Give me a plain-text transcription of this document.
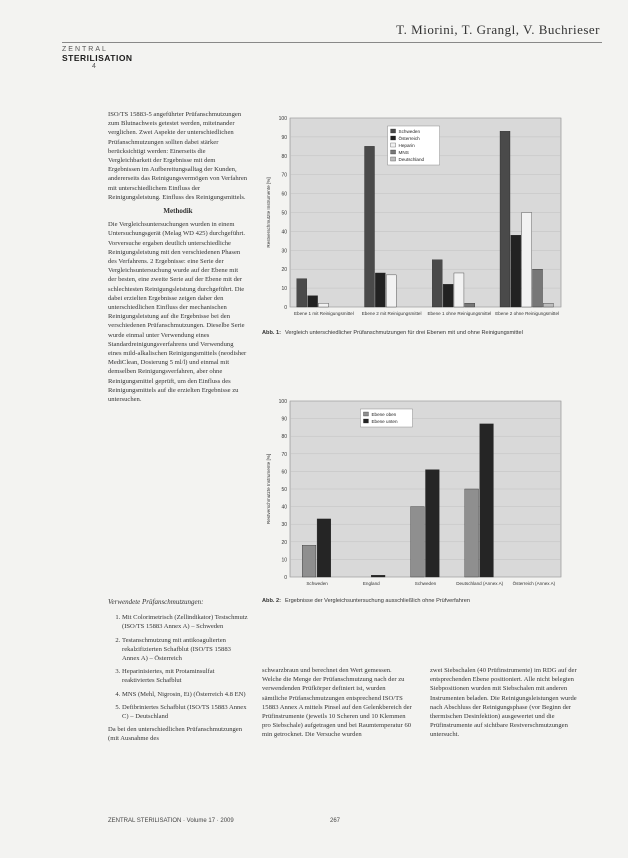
T. Miorini, T. Grangl, V. Buchrieser
ZENTRAL
STERILISATION
4

ISO/TS 15883-5 angeführter Prüfanschmutzungen zum Blutnachweis getestet werden, miteinander verglichen. Zwei Aspekte der unterschiedlichen Prüfanschmutzungen sollten dabei stärker berücksichtigt werden: Einerseits die Vergleichbarkeit der Ergebnisse mit dem Ergebnissen im Aufbereitungsalltag der Kunden, andererseits das Reinigungsvermögen von Verfahren mit unterschiedlichem Einfluss der Reinigungsleistung. Einfluss des Reinigungsmittels.

Methodik

Die Vergleichsuntersuchungen wurden in einem Untersuchungsgerät (Melag WD 425) durchgeführt. Vorversuche ergaben deutlich unterschiedliche Reinigungsleistung mit den verschiedenen Phasen des Verfahrens. 2 Ergebnisse: eine Serie der Vergleichsuntersuchung wurde auf der Ebene mit der besten, eine zweite Serie auf der Ebene mit der schlechtesten Reinigungsleistung durchgeführt. Die dabei erzielten Ergebnisse zeigen daher den unterschiedlichen Einfluss der mechanischen Reinigungsleistung auf die Ergebnisse bei den verschiedenen Prüfanschmutzungen. Dieselbe Serie wurde einmal unter Verwendung eines Standardreinigungsverfahrens und Verwendung eines mild-alkalischen Reinigungsmittels (neodisher MediClean, Dosierung 5 ml/l) und einmal mit demselben Reinigungsverfahren, aber ohne Reinigungsmittel geprüft, um den Einfluss des Reinigungsmittels auf die erzielten Ergebnisse zu untersuchen.

Verwendete Prüfanschmutzungen:
1. Mit Colorimetrisch (Zellindikator) Testschmutz (ISO/TS 15883 Annex A) – Schweden
2. Testanschmutzung mit antikoagulierten rekalzifizierten Schafblut (ISO/TS 15883 Annex A) – Österreich
3. Heparinisiertes, mit Protaminsulfat reaktiviertes Schafblut
4. MNS (Mehl, Nigrosin, Ei) (Österreich 4.8 EN)
5. Defibriniertes Schafblut (ISO/TS 15883 Annex C) – Deutschland

Da bei den unterschiedlichen Prüfanschmutzungen (mit Ausnahme des

0
10
20
30
40
50
60
70
80
90
100
Restverschmutzte Instrumente [%]
Ebene 1 mit Reinigungsmittel Ebene 2 mit Reinigungsmittel Ebene 1 ohne Reinigungsmittel Ebene 2 ohne Reinigungsmittel
Schweden
Österreich
Heparin
MNS
Deutschland
Abb. 1: Vergleich unterschiedlicher Prüfanschmutzungen für drei Ebenen mit und ohne Reinigungsmittel
0
10
20
30
40
50
60
70
80
90
100
Restverschmutzte Instrumente [%]
Schweden	England	Schweden	Deutschland (Annex A) Österreich (Annex A)
Ebene oben
Ebene unten
Abb. 2: Ergebnisse der Vergleichsuntersuchung ausschließlich ohne Prüfverfahren

schwarzbraun und berechnet den Wert gemessen. Welche die Menge der Prüfanschmutzung nach der zu verwendenden Prüfkörper definiert ist, wurden sämtliche Prüfanschmutzungen entsprechend ISO/TS 15883 Annex A mittels Pinsel auf den Gelenkbereich der Prüfinstrumente (jeweils 10 Scheren und 10 Klemmen pro Siebschale) aufgetragen und bei Raumtemperatur 60 min getrocknet. Die Versuche wurden

zwei Siebschalen (40 Prüfinstrumente) im RDG auf der entsprechenden Ebene positioniert. Alle nicht belegten Siebpositionen wurden mit Siebschalen mit anderen Instrumenten beladen. Die Reinigungsleistungen wurde nach Abschluss der Reinigungsphase (vor Beginn der thermischen Desinfektion) ausgewertet und die Prüfinstrumente auf sichtbare Restverschmutzungen untersucht.

ZENTRAL STERILISATION · Volume 17 · 2009	267
